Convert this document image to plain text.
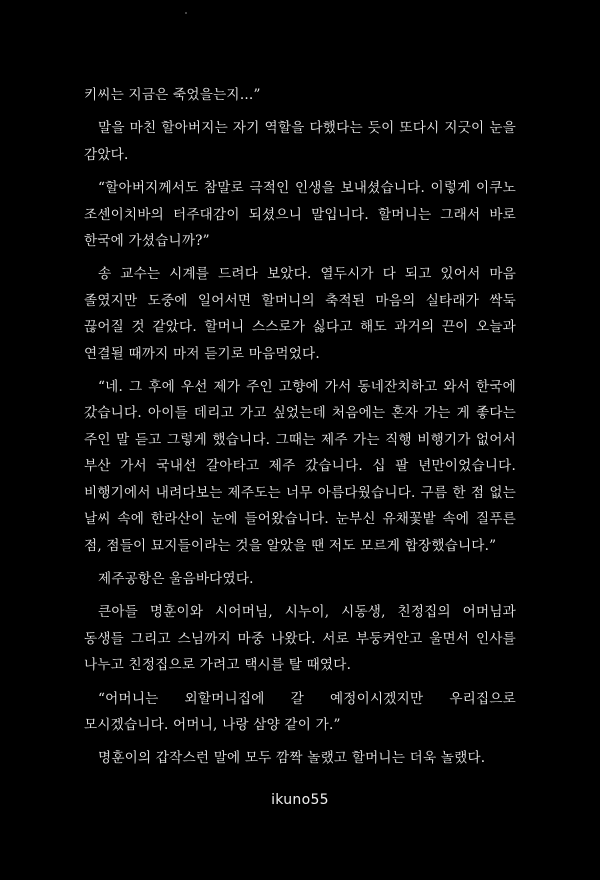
키씨는 지금은 죽었을는지…”

말을 마친 할아버지는 자기 역할을 다했다는 듯이 또다시 지긋이 눈을 감았다.

“할아버지께서도 참말로 극적인 인생을 보내셨습니다. 이렇게 이쿠노 조센이치바의 터주대감이 되셨으니 말입니다. 할머니는 그래서 바로 한국에 가셨습니까?”

송 교수는 시계를 드려다 보았다. 열두시가 다 되고 있어서 마음 졸였지만 도중에 일어서면 할머니의 축적된 마음의 실타래가 싹둑 끊어질 것 같았다. 할머니 스스로가 싫다고 해도 과거의 끈이 오늘과 연결될 때까지 마저 듣기로 마음먹었다.

“네. 그 후에 우선 제가 주인 고향에 가서 동네잔치하고 와서 한국에 갔습니다. 아이들 데리고 가고 싶었는데 처음에는 혼자 가는 게 좋다는 주인 말 듣고 그렇게 했습니다. 그때는 제주 가는 직행 비행기가 없어서 부산 가서 국내선 갈아타고 제주 갔습니다. 십 팔 년만이었습니다. 비행기에서 내려다보는 제주도는 너무 아름다웠습니다. 구름 한 점 없는 날씨 속에 한라산이 눈에 들어왔습니다. 눈부신 유채꽃밭 속에 질푸른 점, 점들이 묘지들이라는 것을 알았을 땐 저도 모르게 합장했습니다.”

제주공항은 울음바다였다.

큰아들 명훈이와 시어머님, 시누이, 시동생, 친정집의 어머님과 동생들 그리고 스님까지 마중 나왔다. 서로 부둥켜안고 울면서 인사를 나누고 친정집으로 가려고 택시를 탈 때였다.

“어머니는 외할머니집에 갈 예정이시겠지만 우리집으로 모시겠습니다. 어머니, 나랑 삼양 같이 가.”

명훈이의 갑작스런 말에 모두 깜짝 놀랬고 할머니는 더욱 놀랬다.

ikuno55
